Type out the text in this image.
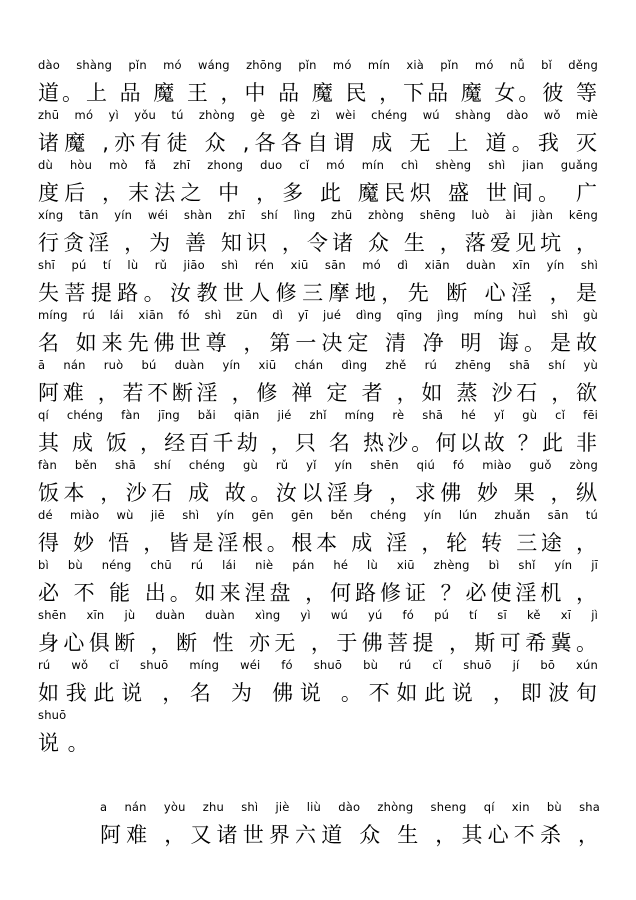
dào shàng pǐn mó wáng zhōng pǐn mó mín xià pǐn mó nǚ bǐ děng
道。上 品 魔 王 ，中 品 魔 民 ，下品 魔 女。彼 等
zhū mó yì yǒu tú zhòng gè gè zì wèi chéng wú shàng dào wǒ miè
诸魔 ,亦有徒 众 ,各各自谓 成 无 上 道。我 灭
dù hòu mò fǎ zhī zhong duo cǐ mó mín chì shèng shì jian guǎng
度后 ，末法之 中 ，多 此 魔民炽 盛 世间。 广
xíng tān yín wéi shàn zhī shí lìng zhū zhòng shēng luò ài jiàn kēng
行贪淫 ，为 善 知识 ，令诸 众 生 ，落爱见坑 ，
shī pú tí lù rǔ jiāo shì rén xiū sān mó dì xiān duàn xīn yín shì
失菩提路。汝教世人修三摩地，先 断 心淫 ，是
míng rú lái xiān fó shì zūn dì yī jué dìng qīng jìng míng huì shì gù
名 如来先佛世尊 ，第一决定 清 净 明 诲。是故
ā nán ruò bú duàn yín xiū chán dìng zhě rú zhēng shā shí yù
阿难 ，若不断淫 ，修 禅 定 者 ，如 蒸 沙石 ，欲
qí chéng fàn jīng bǎi qiān jié zhǐ míng rè shā hé yǐ gù cǐ fēi
其 成 饭 ，经百千劫 ，只 名 热沙。何以故 ？此 非
fàn běn shā shí chéng gù rǔ yǐ yín shēn qiú fó miào guǒ zòng
饭本 ，沙石 成 故。汝以淫身 ，求佛 妙 果 ，纵
dé miào wù jiē shì yín gēn gēn běn chéng yín lún zhuǎn sān tú
得 妙 悟 ，皆是淫根。根本 成 淫 ，轮 转 三途 ，
bì bù néng chū rú lái niè pán hé lù xiū zhèng bì shǐ yín jī
必 不 能 出。如来涅盘 ，何路修证 ？必使淫机 ，
shēn xīn jù duàn duàn xìng yì wú yú fó pú tí sī kě xī jì
身心俱断 ，断 性 亦无 ，于佛菩提 ，斯可希冀。
rú wǒ cǐ shuō míng wéi fó shuō bù rú cǐ shuō jí bō xún
如我此说 ，名 为 佛说 。不如此说 ，即波旬
shuō
说 。
a nán yòu zhu shì jiè liù dào zhòng sheng qí xin bù sha
阿难 ，又诸世界六道 众 生 ，其心不杀 ，
